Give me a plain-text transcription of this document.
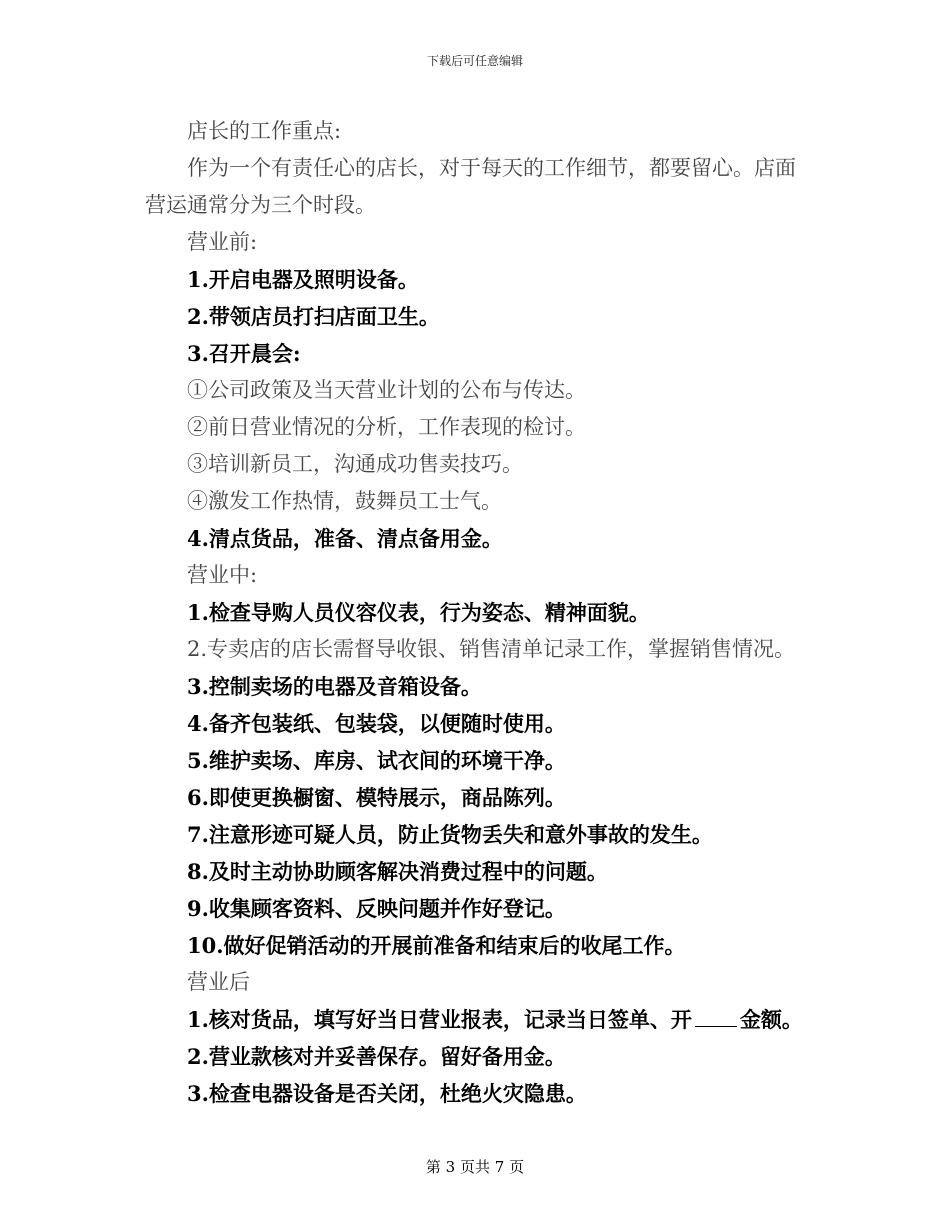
下载后可任意编辑
店长的工作重点:
作为一个有责任心的店长，对于每天的工作细节，都要留心。店面营运通常分为三个时段。
营业前:
1.开启电器及照明设备。
2.带领店员打扫店面卫生。
3.召开晨会:
①公司政策及当天营业计划的公布与传达。
②前日营业情况的分析，工作表现的检讨。
③培训新员工，沟通成功售卖技巧。
④激发工作热情，鼓舞员工士气。
4.清点货品，准备、清点备用金。
营业中:
1.检查导购人员仪容仪表，行为姿态、精神面貌。
2.专卖店的店长需督导收银、销售清单记录工作，掌握销售情况。
3.控制卖场的电器及音箱设备。
4.备齐包装纸、包装袋，以便随时使用。
5.维护卖场、库房、试衣间的环境干净。
6.即使更换橱窗、模特展示，商品陈列。
7.注意形迹可疑人员，防止货物丢失和意外事故的发生。
8.及时主动协助顾客解决消费过程中的问题。
9.收集顾客资料、反映问题并作好登记。
10.做好促销活动的开展前准备和结束后的收尾工作。
营业后
1.核对货品，填写好当日营业报表，记录当日签单、开 金额。
2.营业款核对并妥善保存。留好备用金。
3.检查电器设备是否关闭，杜绝火灾隐患。
第 3 页共 7 页
